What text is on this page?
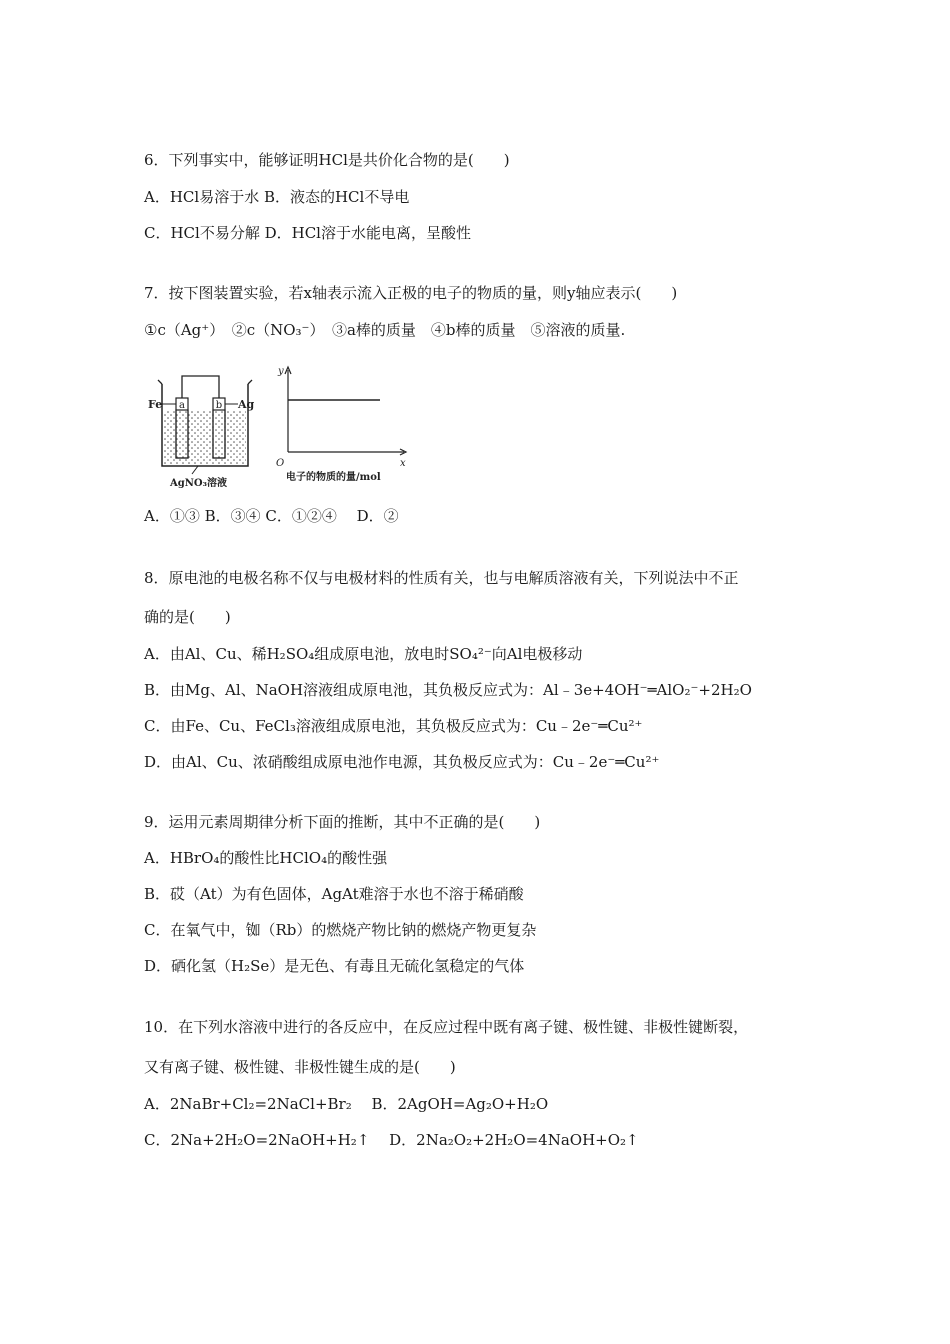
6．下列事实中，能够证明HCl是共价化合物的是(　　)
A．HCl易溶于水 B．液态的HCl不导电
C．HCl不易分解 D．HCl溶于水能电离，呈酸性
7．按下图装置实验，若x轴表示流入正极的电子的物质的量，则y轴应表示(　　)
①c（Ag⁺）　②c（NO₃⁻）　③a棒的质量　④b棒的质量　⑤溶液的质量.
a	b
Fe	Ag
AgNO₃溶液
y
x
O
电子的物质的量/mol
A．①③ B．③④ C．①②④　 D．②
8．原电池的电极名称不仅与电极材料的性质有关，也与电解质溶液有关，下列说法中不正
确的是(　　)
A．由Al、Cu、稀H₂SO₄组成原电池，放电时SO₄²⁻向Al电极移动
B．由Mg、Al、NaOH溶液组成原电池，其负极反应式为：Al﹣3e+4OH⁻═AlO₂⁻+2H₂O
C．由Fe、Cu、FeCl₃溶液组成原电池，其负极反应式为：Cu﹣2e⁻═Cu²⁺
D．由Al、Cu、浓硝酸组成原电池作电源，其负极反应式为：Cu﹣2e⁻═Cu²⁺
9．运用元素周期律分析下面的推断，其中不正确的是(　　)
A．HBrO₄的酸性比HClO₄的酸性强
B．砹（At）为有色固体，AgAt难溶于水也不溶于稀硝酸
C．在氧气中，铷（Rb）的燃烧产物比钠的燃烧产物更复杂
D．硒化氢（H₂Se）是无色、有毒且无硫化氢稳定的气体
10．在下列水溶液中进行的各反应中，在反应过程中既有离子键、极性键、非极性键断裂，
又有离子键、极性键、非极性键生成的是(　　)
A．2NaBr+Cl₂=2NaCl+Br₂　 B．2AgOH=Ag₂O+H₂O
C．2Na+2H₂O=2NaOH+H₂↑　 D．2Na₂O₂+2H₂O=4NaOH+O₂↑
